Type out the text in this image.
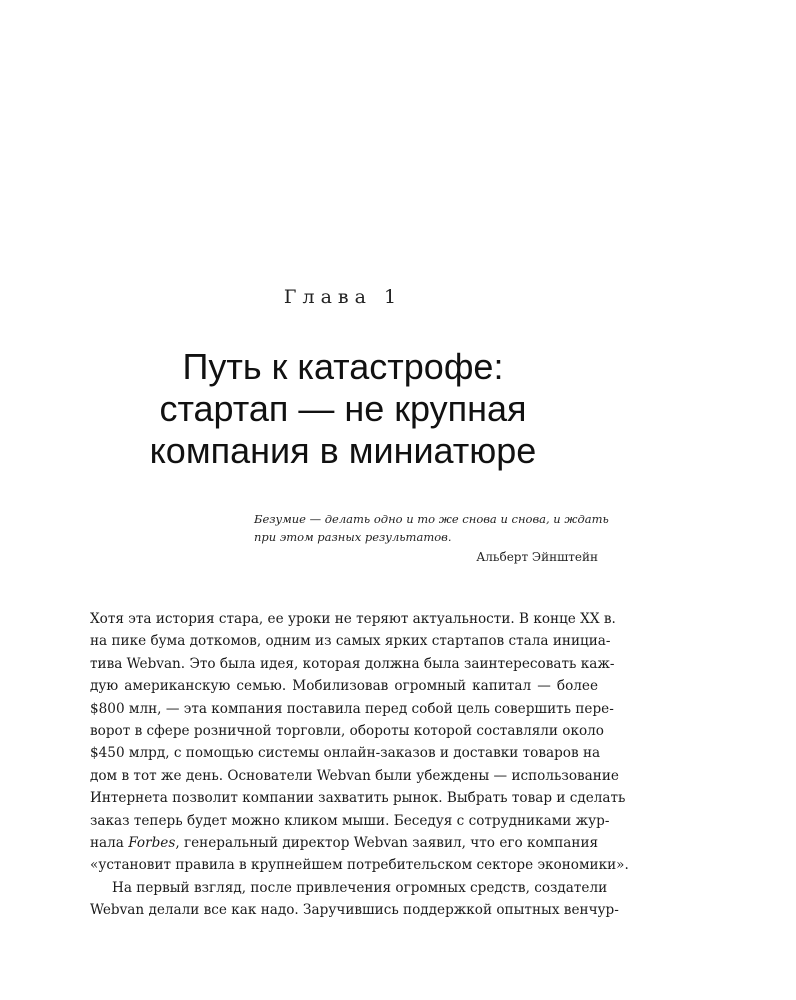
Глава 1
Путь к катастрофе:
стартап — не крупная
компания в миниатюре
Безумие — делать одно и то же снова и снова, и ждать
при этом разных результатов.
Альберт Эйнштейн
Хотя эта история стара, ее уроки не теряют актуальности. В конце XX в.
на пике бума доткомов, одним из самых ярких стартапов стала инициа-
тива Webvan. Это была идея, которая должна была заинтересовать каж-
дую американскую семью. Мобилизовав огромный капитал — более
$800 млн, — эта компания поставила перед собой цель совершить пере-
ворот в сфере розничной торговли, обороты которой составляли около
$450 млрд, с помощью системы онлайн-заказов и доставки товаров на
дом в тот же день. Основатели Webvan были убеждены — использование
Интернета позволит компании захватить рынок. Выбрать товар и сделать
заказ теперь будет можно кликом мыши. Беседуя с сотрудниками жур-
нала Forbes, генеральный директор Webvan заявил, что его компания
«установит правила в крупнейшем потребительском секторе экономики».
На первый взгляд, после привлечения огромных средств, создатели
Webvan делали все как надо. Заручившись поддержкой опытных венчур-
